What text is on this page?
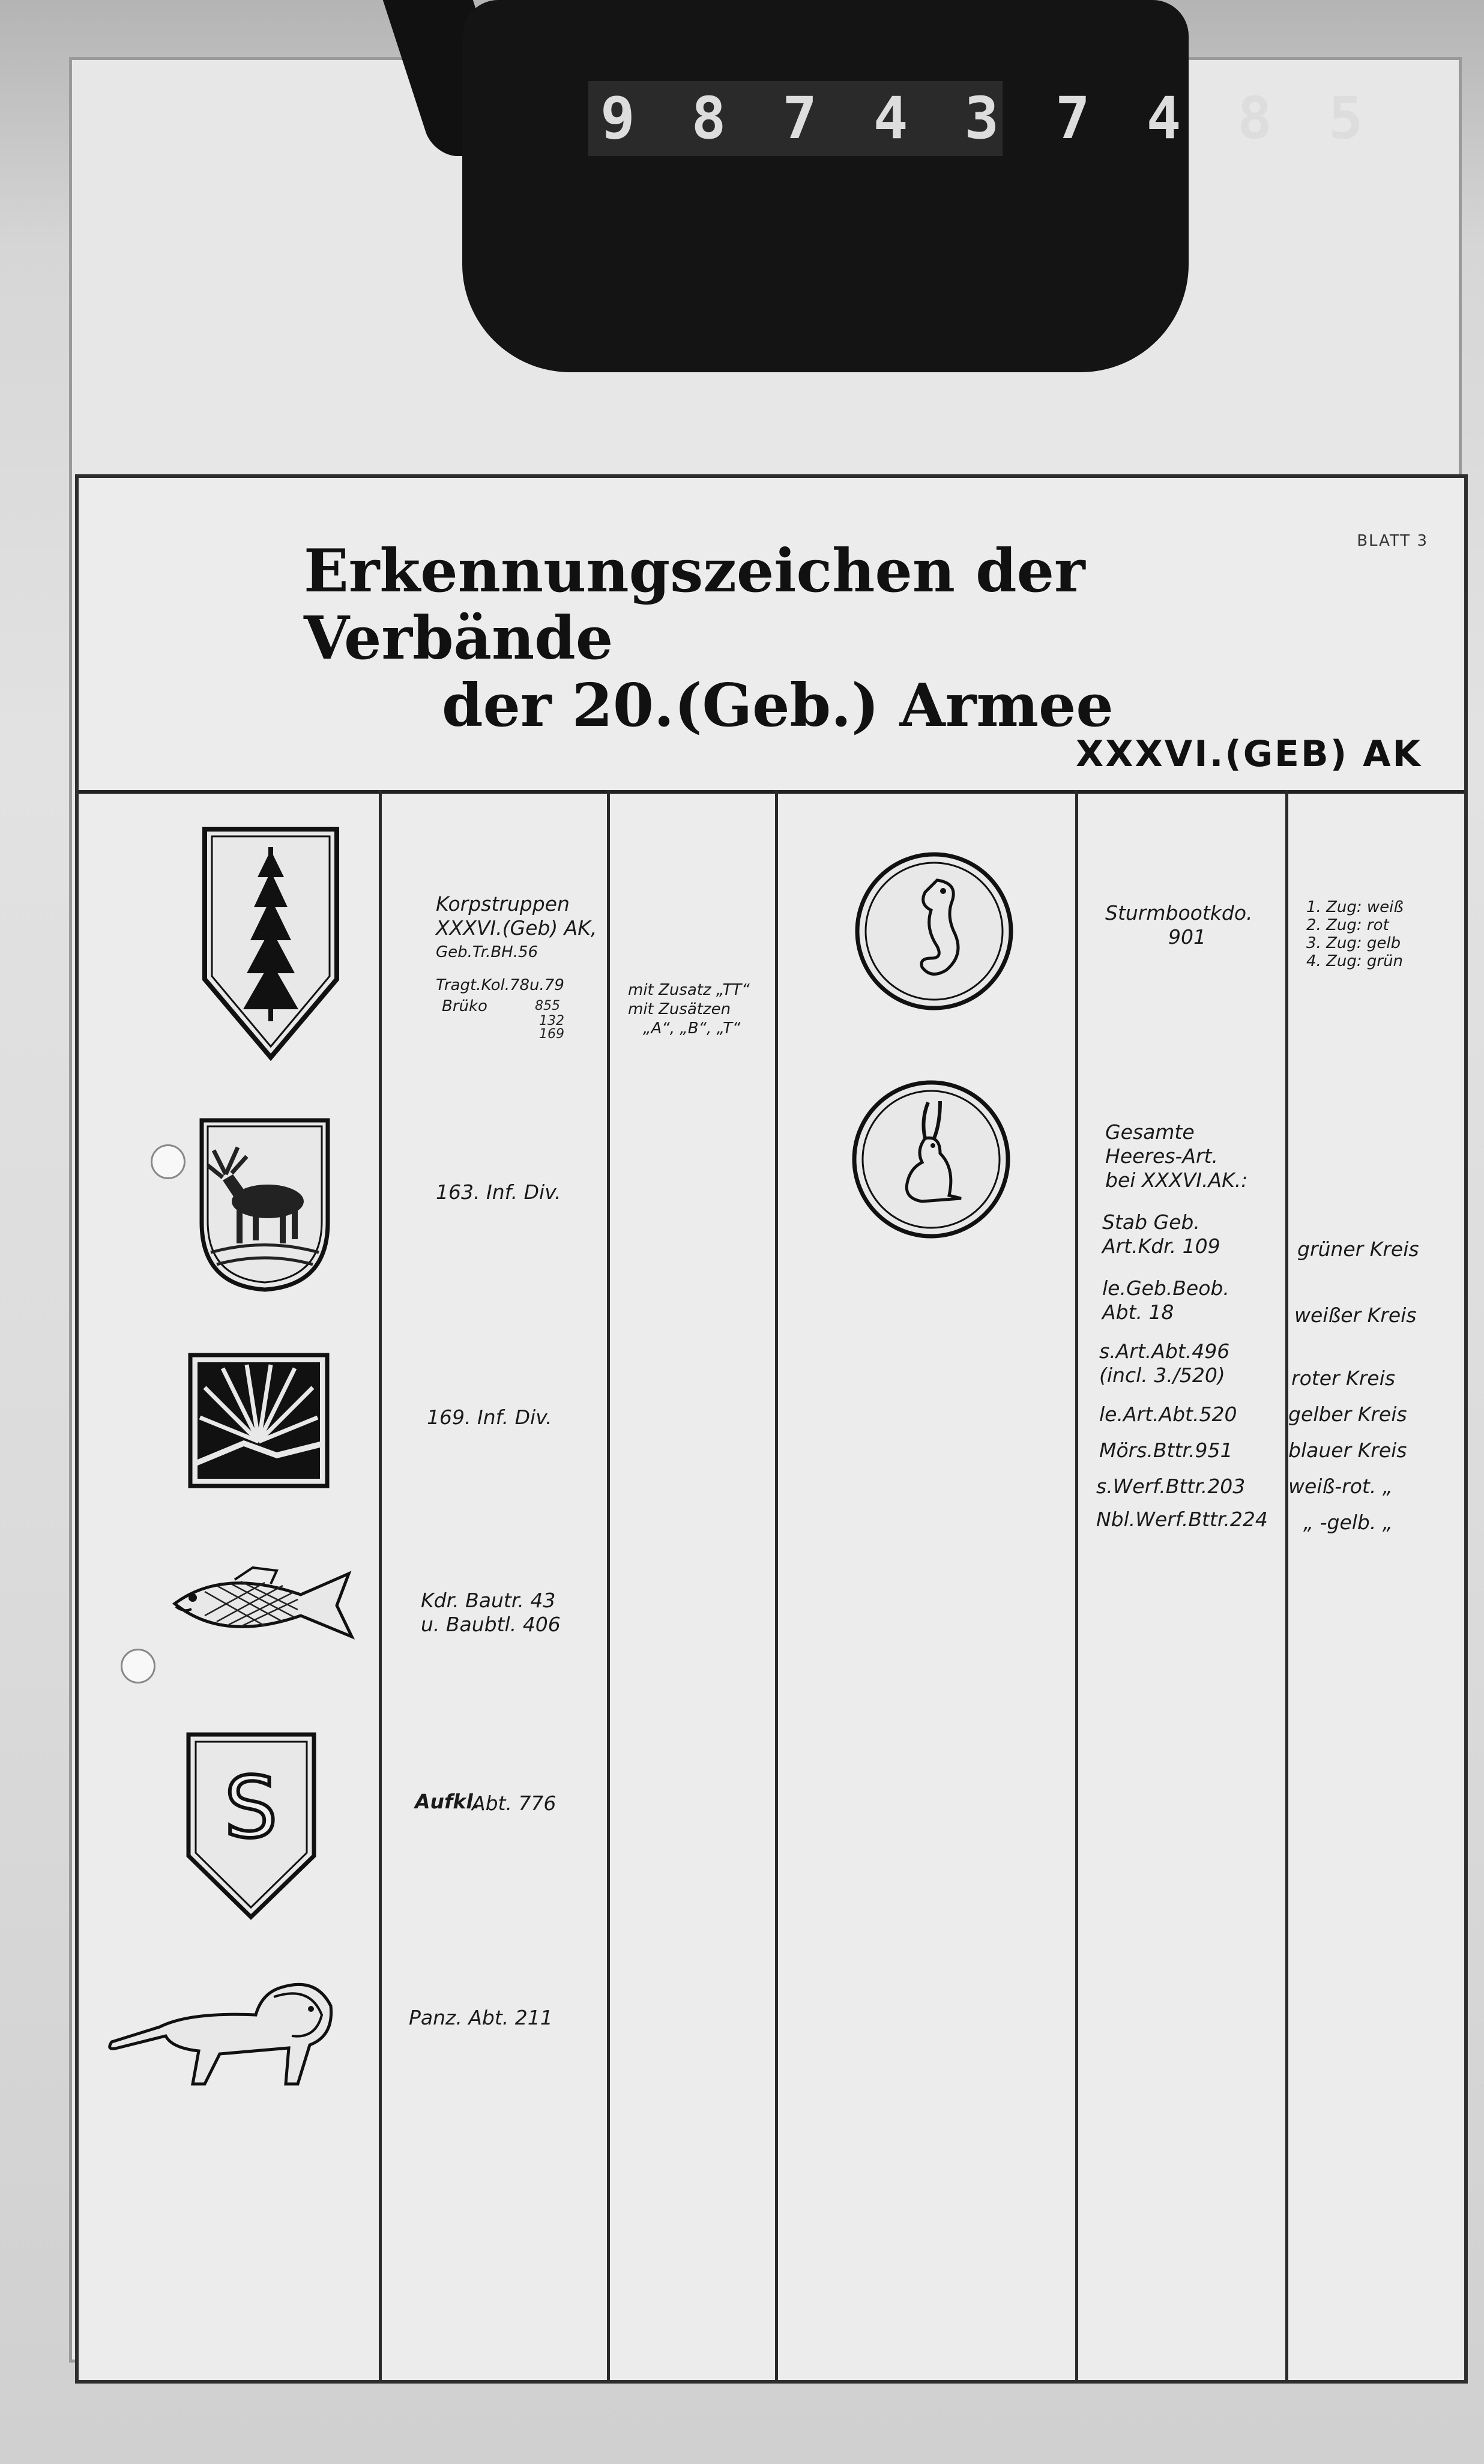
9 8 7 4 3 7 4 8 5
BLATT 3
Erkennungszeichen der Verbände
der 20.(Geb.) Armee
XXXVI.(GEB) AK
S
Korpstruppen
XXXVI.(Geb) AK,
Geb.Tr.BH.56
Tragt.Kol.78u.79
Brüko	855
132
169
163. Inf. Div.
169. Inf. Div.
Kdr. Bautr. 43
u. Baubtl. 406
Aufkl.
Abt. 776
Panz. Abt. 211
mit Zusatz „TT“
mit Zusätzen
„A“, „B“, „T“
Sturmbootkdo.
901
Gesamte
Heeres-Art.
bei XXXVI.AK.:
Stab Geb.
Art.Kdr. 109
le.Geb.Beob.
Abt. 18
s.Art.Abt.496
(incl. 3./520)
le.Art.Abt.520
Mörs.Bttr.951
s.Werf.Bttr.203
Nbl.Werf.Bttr.224
1. Zug: weiß
2. Zug: rot
3. Zug: gelb
4. Zug: grün
grüner Kreis
weißer Kreis
roter Kreis
gelber Kreis
blauer Kreis
weiß-rot. „
„ -gelb. „
